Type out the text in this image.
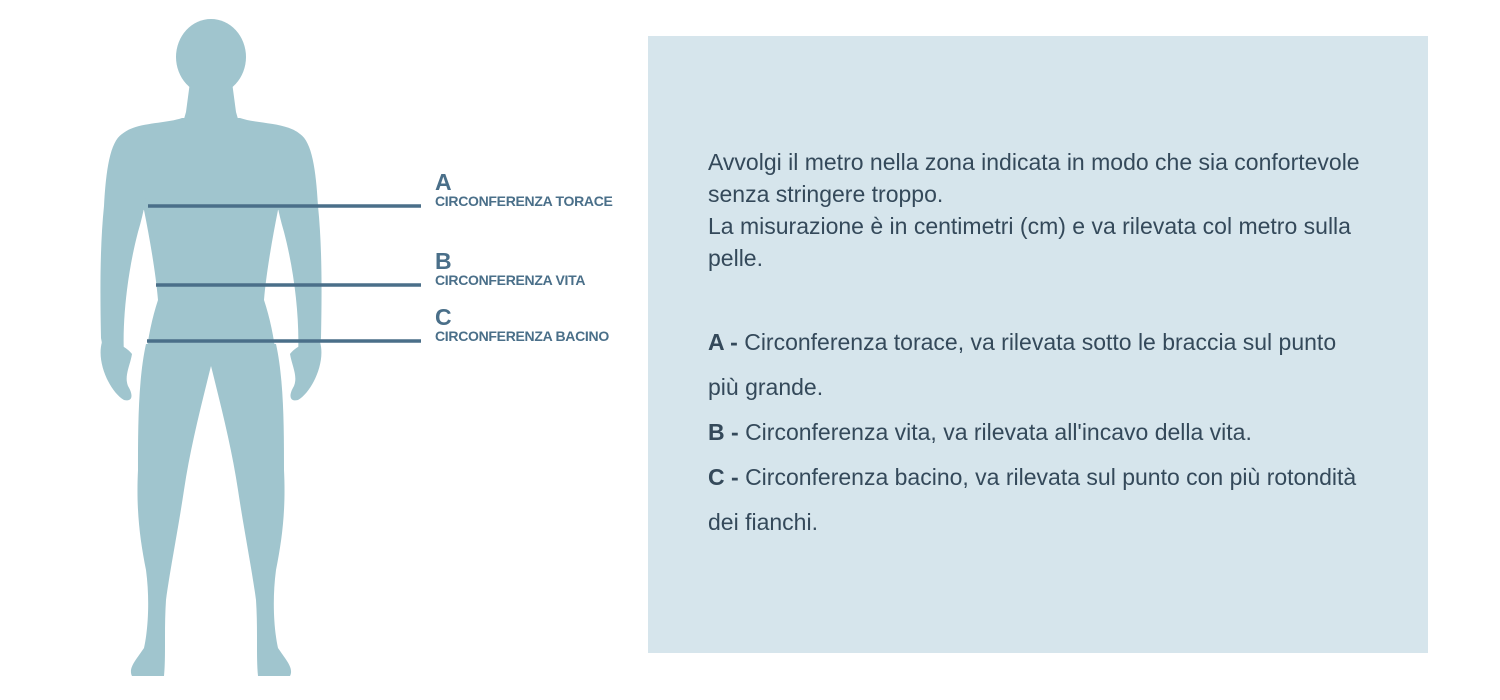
A
CIRCONFERENZA TORACE
B
CIRCONFERENZA VITA
C
CIRCONFERENZA BACINO

Avvolgi il metro nella zona indicata in modo che sia confortevole senza stringere troppo.

La misurazione è in centimetri (cm) e va rilevata col metro sulla pelle.

A - Circonferenza torace, va rilevata sotto le braccia sul punto più grande.

B - Circonferenza vita, va rilevata all'incavo della vita.

C - Circonferenza bacino, va rilevata sul punto con più rotondità dei fianchi.
